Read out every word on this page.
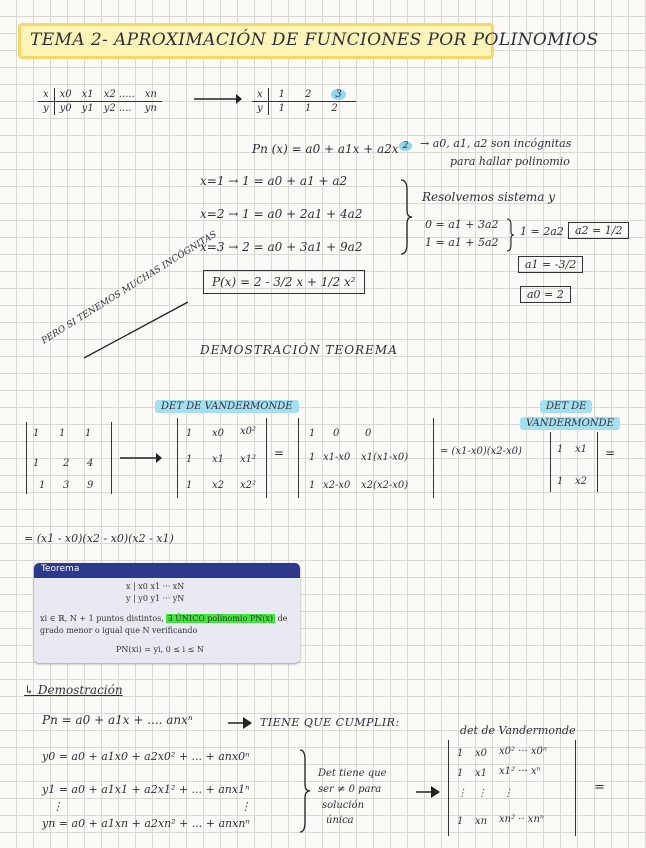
TEMA 2- APROXIMACIÓN DE FUNCIONES POR POLINOMIOS
x	x0	x1	x2 .....	xn
y	y0	y1	y2 ....	yn
x	1	2	3
y	1	1	2
Pn (x) = a0 + a1x + a2x $^2$	→ a0, a1, a2 son incógnitas
para hallar polinomio
x=1 → 1 = a0 + a1 + a2
x=2 → 1 = a0 + 2a1 + 4a2
x=3 → 2 = a0 + 3a1 + 9a2
Resolvemos sistema y
0 = a1 + 3a2
1 = a1 + 5a2
1 = 2a2	a2 = 1/2
a1 = -3/2
a0 = 2
P(x) = 2 - 3/2 x + 1/2 x²
PERO SI TENEMOS MUCHAS INCÓGNITAS
DEMOSTRACIÓN TEOREMA
DET DE VANDERMONDE	DET DE
VANDERMONDE
1 1 1
1 2 4
1 3 9
1 x0 x0²
1 x1 x1²
1 x2 x2²
=
1 0	0
1 x1-x0 x1(x1-x0)
1 x2-x0 x2(x2-x0)
= (x1-x0)(x2-x0)	1 x1
1 x2
=
= (x1 - x0)(x2 - x0)(x2 - x1)
Teorema
x | x0 x1 ··· xN
y | y0 y1 ··· yN
xi ∈ ℝ, N + 1 puntos distintos, ∃ ÚNICO polinomio PN(x) de
grado menor o igual que N verificando
PN(xi) = yi, 0 ≤ i ≤ N
↳ Demostración
Pn = a0 + a1x + .... anxⁿ	TIENE QUE CUMPLIR:
det de Vandermonde
y0 = a0 + a1x0 + a2x0² + ... + anx0ⁿ
y1 = a0 + a1x1 + a2x1² + ... + anx1ⁿ
⋮	⋮
yn = a0 + a1xn + a2xn² + ... + anxnⁿ
Det tiene que
ser ≠ 0 para
solución
única
1 x0 x0² ··· x0ⁿ
1 x1 x1² ··· xⁿ
⋮ ⋮ ⋮
1 xn xn² ·· xnⁿ
=
